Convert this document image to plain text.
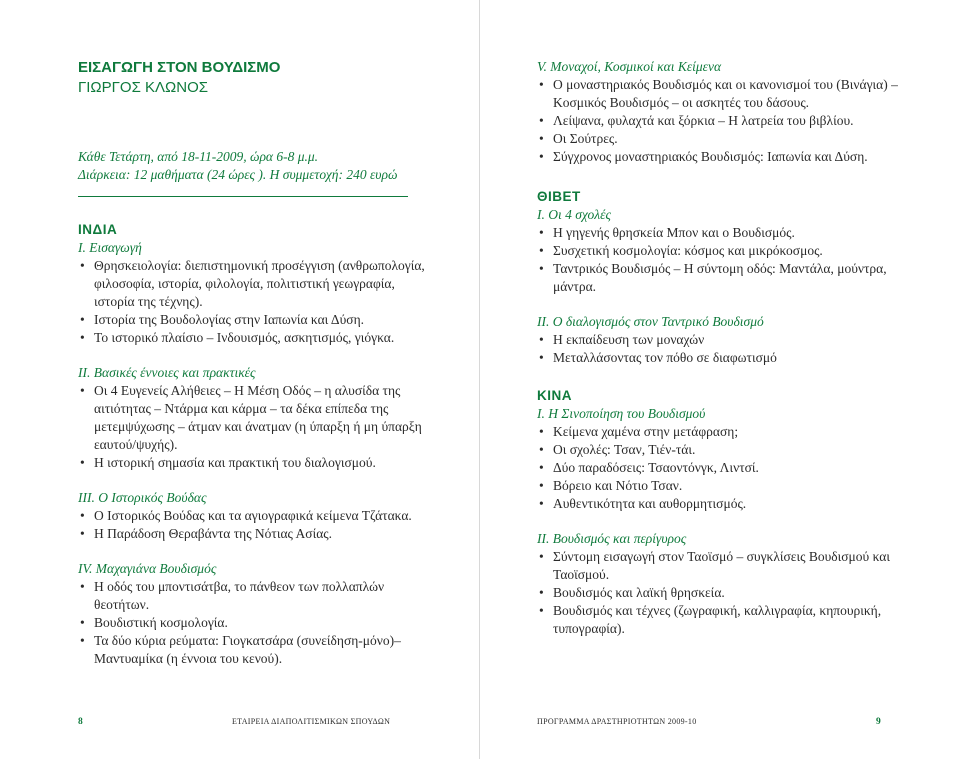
ΕΙΣΑΓΩΓΗ ΣΤΟΝ ΒΟΥΔΙΣΜΟ

ΓΙΩΡΓΟΣ ΚΛΩΝΟΣ

Κάθε Τετάρτη, από 18-11-2009, ώρα 6-8 μ.μ.

Διάρκεια: 12 μαθήματα (24 ώρες ). Η συμμετοχή: 240 ευρώ

ΙΝΔΙΑ

I. Εισαγωγή

• Θρησκειολογία: διεπιστημονική προσέγγιση (ανθρωπολογία, φιλοσοφία, ιστορία, φιλολογία, πολιτιστική γεωγραφία, ιστορία της τέχνης).
• Ιστορία της Βουδολογίας στην Ιαπωνία και Δύση.
• Το ιστορικό πλαίσιο – Ινδουισμός, ασκητισμός, γιόγκα.

II. Βασικές έννοιες και πρακτικές

• Οι 4 Ευγενείς Αλήθειες – Η Μέση Οδός – η αλυσίδα της αιτιότητας – Ντάρμα και κάρμα – τα δέκα επίπεδα της μετεμψύχωσης – άτμαν και άνατμαν (η ύπαρξη ή μη ύπαρξη εαυτού/ψυχής).
• Η ιστορική σημασία και πρακτική του διαλογισμού.

III. Ο Ιστορικός Βούδας

• Ο Ιστορικός Βούδας και τα αγιογραφικά κείμενα Τζάτακα.
• Η Παράδοση Θεραβάντα της Νότιας Ασίας.

IV. Μαχαγιάνα Βουδισμός

• Η οδός του μποντισάτβα, το πάνθεον των πολλαπλών θεοτήτων.
• Βουδιστική κοσμολογία.
• Τα δύο κύρια ρεύματα: Γιογκατσάρα (συνείδηση-μόνο)– Μαντυαμίκα (η έννοια του κενού).
8	ΕΤΑΙΡΕΙΑ ΔΙΑΠΟΛΙΤΙΣΜΙΚΩΝ ΣΠΟΥΔΩΝ

V. Μοναχοί, Κοσμικοί και Κείμενα

• Ο μοναστηριακός Βουδισμός και οι κανονισμοί του (Βινάγια) – Κοσμικός Βουδισμός – οι ασκητές του δάσους.
• Λείψανα, φυλαχτά και ξόρκια – Η λατρεία του βιβλίου.
• Οι Σούτρες.
• Σύγχρονος μοναστηριακός Βουδισμός: Ιαπωνία και Δύση.

ΘΙΒΕΤ

I. Οι 4 σχολές

• Η γηγενής θρησκεία Μπον και ο Βουδισμός.
• Συσχετική κοσμολογία: κόσμος και μικρόκοσμος.
• Ταντρικός Βουδισμός – Η σύντομη οδός: Μαντάλα, μούντρα, μάντρα.

II. Ο διαλογισμός στον Ταντρικό Βουδισμό

• Η εκπαίδευση των μοναχών
• Μεταλλάσοντας τον πόθο σε διαφωτισμό

ΚΙΝΑ

I. Η Σινοποίηση του Βουδισμού

• Κείμενα χαμένα στην μετάφραση;
• Οι σχολές: Τσαν, Τιέν-τάι.
• Δύο παραδόσεις: Τσαοντόνγκ, Λιντσί.
• Βόρειο και Νότιο Τσαν.
• Αυθεντικότητα και αυθορμητισμός.

II. Βουδισμός και περίγυρος

• Σύντομη εισαγωγή στον Ταοϊσμό – συγκλίσεις Βουδισμού και Ταοϊσμού.
• Βουδισμός και λαϊκή θρησκεία.
• Βουδισμός και τέχνες (ζωγραφική, καλλιγραφία, κηπουρική, τυπογραφία).
ΠΡΟΓΡΑΜΜΑ ΔΡΑΣΤΗΡΙΟΤΗΤΩΝ 2009-10	9
